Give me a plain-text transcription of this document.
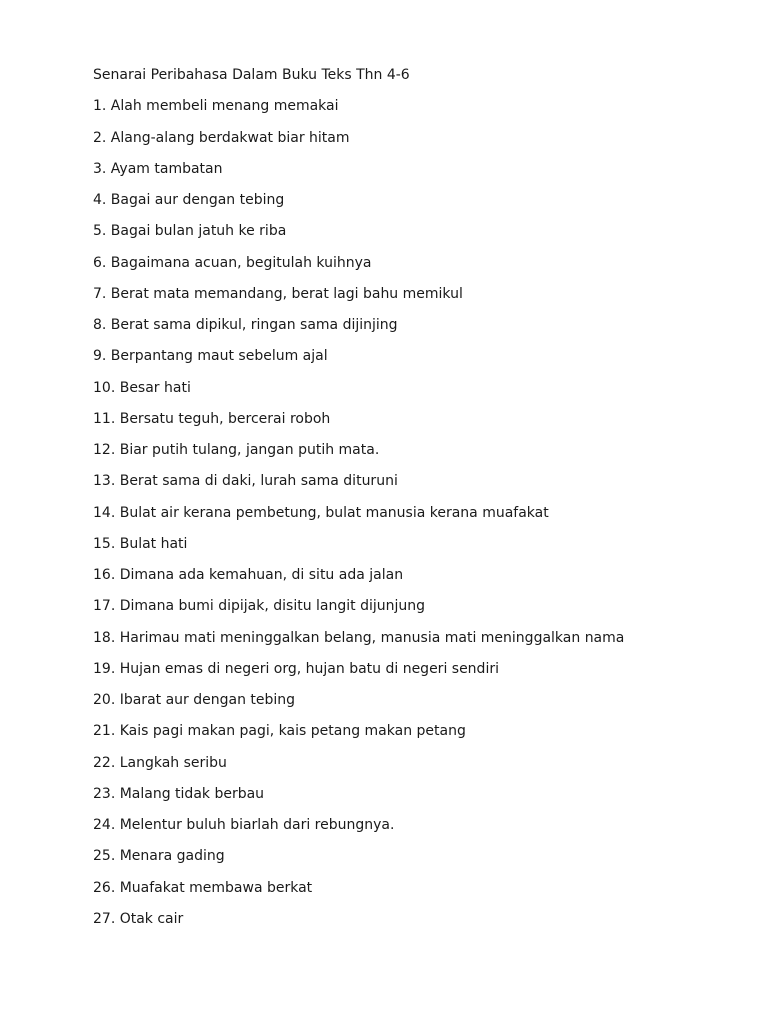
Senarai Peribahasa Dalam Buku Teks Thn 4-6

1. Alah membeli menang memakai
2. Alang-alang berdakwat biar hitam
3. Ayam tambatan
4. Bagai aur dengan tebing
5. Bagai bulan jatuh ke riba
6. Bagaimana acuan, begitulah kuihnya
7. Berat mata memandang, berat lagi bahu memikul
8. Berat sama dipikul, ringan sama dijinjing
9. Berpantang maut sebelum ajal
10. Besar hati
11. Bersatu teguh, bercerai roboh
12. Biar putih tulang, jangan putih mata.
13. Berat sama di daki, lurah sama dituruni
14. Bulat air kerana pembetung, bulat manusia kerana muafakat
15. Bulat hati
16. Dimana ada kemahuan, di situ ada jalan
17. Dimana bumi dipijak, disitu langit dijunjung
18. Harimau mati meninggalkan belang, manusia mati meninggalkan nama
19. Hujan emas di negeri org, hujan batu di negeri sendiri
20. Ibarat aur dengan tebing
21. Kais pagi makan pagi, kais petang makan petang
22. Langkah seribu
23. Malang tidak berbau
24. Melentur buluh biarlah dari rebungnya.
25. Menara gading
26. Muafakat membawa berkat
27. Otak cair
